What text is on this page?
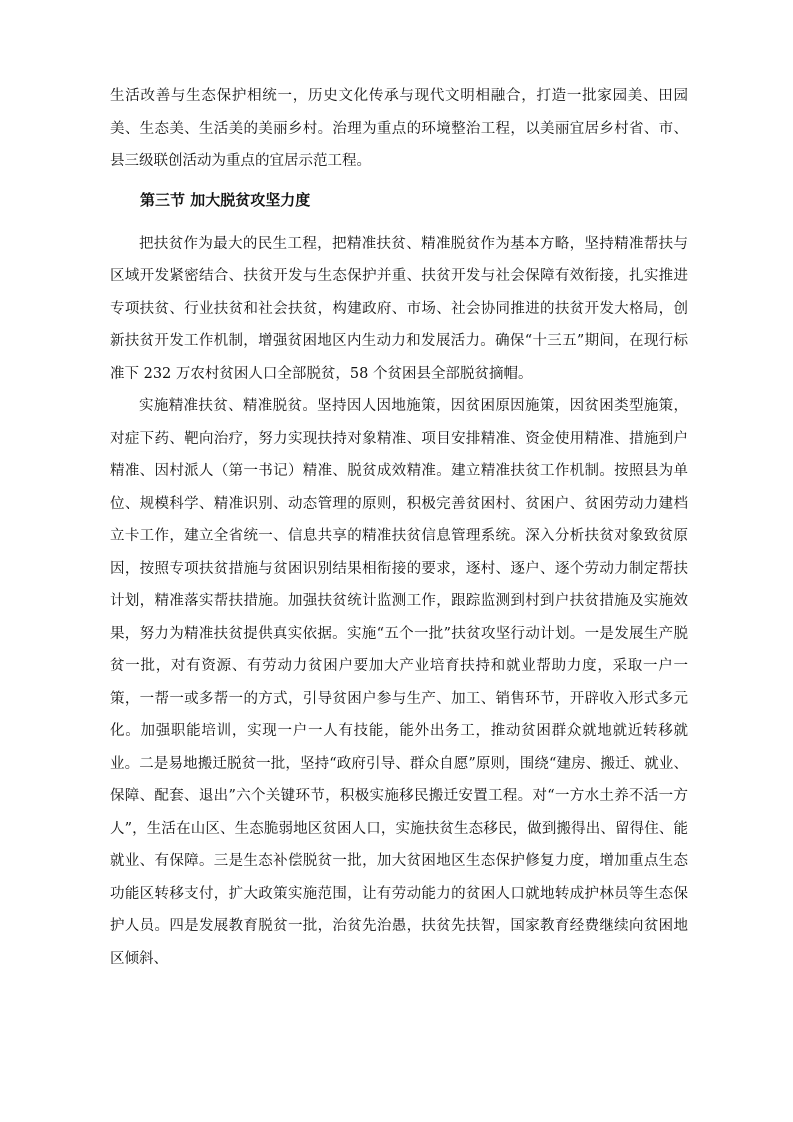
生活改善与生态保护相统一，历史文化传承与现代文明相融合，打造一批家园美、田园美、生态美、生活美的美丽乡村。治理为重点的环境整治工程，以美丽宜居乡村省、市、县三级联创活动为重点的宜居示范工程。

第三节 加大脱贫攻坚力度

把扶贫作为最大的民生工程，把精准扶贫、精准脱贫作为基本方略，坚持精准帮扶与区域开发紧密结合、扶贫开发与生态保护并重、扶贫开发与社会保障有效衔接，扎实推进专项扶贫、行业扶贫和社会扶贫，构建政府、市场、社会协同推进的扶贫开发大格局，创新扶贫开发工作机制，增强贫困地区内生动力和发展活力。确保“十三五”期间，在现行标准下 232 万农村贫困人口全部脱贫，58 个贫困县全部脱贫摘帽。

实施精准扶贫、精准脱贫。坚持因人因地施策，因贫困原因施策，因贫困类型施策，对症下药、靶向治疗，努力实现扶持对象精准、项目安排精准、资金使用精准、措施到户精准、因村派人（第一书记）精准、脱贫成效精准。建立精准扶贫工作机制。按照县为单位、规模科学、精准识别、动态管理的原则，积极完善贫困村、贫困户、贫困劳动力建档立卡工作，建立全省统一、信息共享的精准扶贫信息管理系统。深入分析扶贫对象致贫原因，按照专项扶贫措施与贫困识别结果相衔接的要求，逐村、逐户、逐个劳动力制定帮扶计划，精准落实帮扶措施。加强扶贫统计监测工作，跟踪监测到村到户扶贫措施及实施效果，努力为精准扶贫提供真实依据。实施“五个一批”扶贫攻坚行动计划。一是发展生产脱贫一批，对有资源、有劳动力贫困户要加大产业培育扶持和就业帮助力度，采取一户一策，一帮一或多帮一的方式，引导贫困户参与生产、加工、销售环节，开辟收入形式多元化。加强职能培训，实现一户一人有技能，能外出务工，推动贫困群众就地就近转移就业。二是易地搬迁脱贫一批，坚持“政府引导、群众自愿”原则，围绕“建房、搬迁、就业、保障、配套、退出”六个关键环节，积极实施移民搬迁安置工程。对“一方水土养不活一方人”，生活在山区、生态脆弱地区贫困人口，实施扶贫生态移民，做到搬得出、留得住、能就业、有保障。三是生态补偿脱贫一批，加大贫困地区生态保护修复力度，增加重点生态功能区转移支付，扩大政策实施范围，让有劳动能力的贫困人口就地转成护林员等生态保护人员。四是发展教育脱贫一批，治贫先治愚，扶贫先扶智，国家教育经费继续向贫困地区倾斜、
